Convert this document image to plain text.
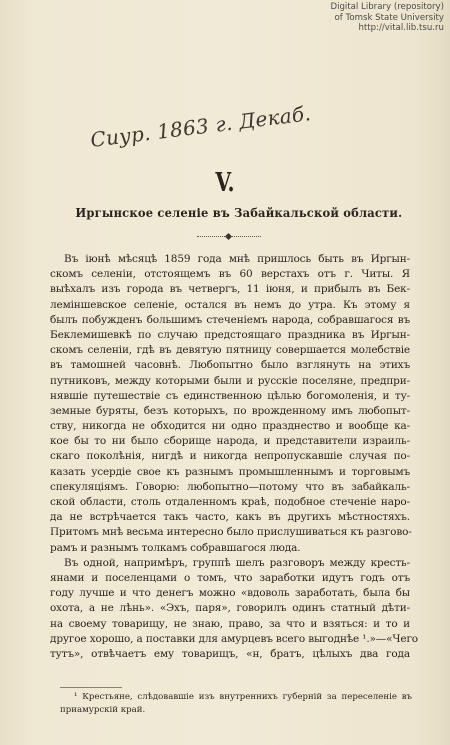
Digital Library (repository)
of Tomsk State University
http://vital.lib.tsu.ru
Сиур. 1863 г. Декаб.
V.
Иргынское селеніе въ Забайкальской области.
Въ іюнѣ мѣсяцѣ 1859 года мнѣ пришлось быть въ Иргын-
скомъ селеніи, отстоящемъ въ 60 верстахъ отъ г. Читы. Я
выѣхалъ изъ города въ четвергъ, 11 іюня, и прибылъ въ Бек-
леміншевское селеніе, остался въ немъ до утра. Къ этому я
былъ побужденъ большимъ стеченіемъ народа, собравшагося въ
Беклемишевкѣ по случаю предстоящаго праздника въ Иргын-
скомъ селеніи, гдѣ въ девятую пятницу совершается молебствіе
въ тамошней часовнѣ. Любопытно было взглянуть на этихъ
путниковъ, между которыми были и русскіе поселяне, предпри-
нявшіе путешествіе съ единственною цѣлью богомоленія, и ту-
земные буряты, безъ которыхъ, по врожденному имъ любопыт-
ству, никогда не обходится ни одно празднество и вообще ка-
кое бы то ни было сборище народа, и представители израиль-
скаго поколѣнія, нигдѣ и никогда непропускавшіе случая по-
казать усердіе свое къ разнымъ промышленнымъ и торговымъ
спекуляціямъ. Говорю: любопытно—потому что въ забайкаль-
ской области, столь отдаленномъ краѣ, подобное стеченіе наро-
да не встрѣчается такъ часто, какъ въ другихъ мѣстностяхъ.
Притомъ мнѣ весьма интересно было прислушиваться къ разгово-
рамъ и разнымъ толкамъ собравшагося люда.
Въ одной, напримѣръ, группѣ шелъ разговоръ между кресть-
янами и поселенцами о томъ, что заработки идутъ годъ отъ
году лучше и что денегъ можно «вдоволь заработать, была бы
охота, а не лѣнь». «Эхъ, паря», говорилъ одинъ статный дѣти-
на своему товарищу, не знаю, право, за что и взяться: и то и
другое хорошо, а поставки для амурцевъ всего выгоднѣе ¹.»—«Чего
тутъ», отвѣчаетъ ему товарищъ, «н, братъ, цѣлыхъ два года
¹ Крестьяне, слѣдовавшіе изъ внутреннихъ губерній за переселеніе въ
приамурскій край.
